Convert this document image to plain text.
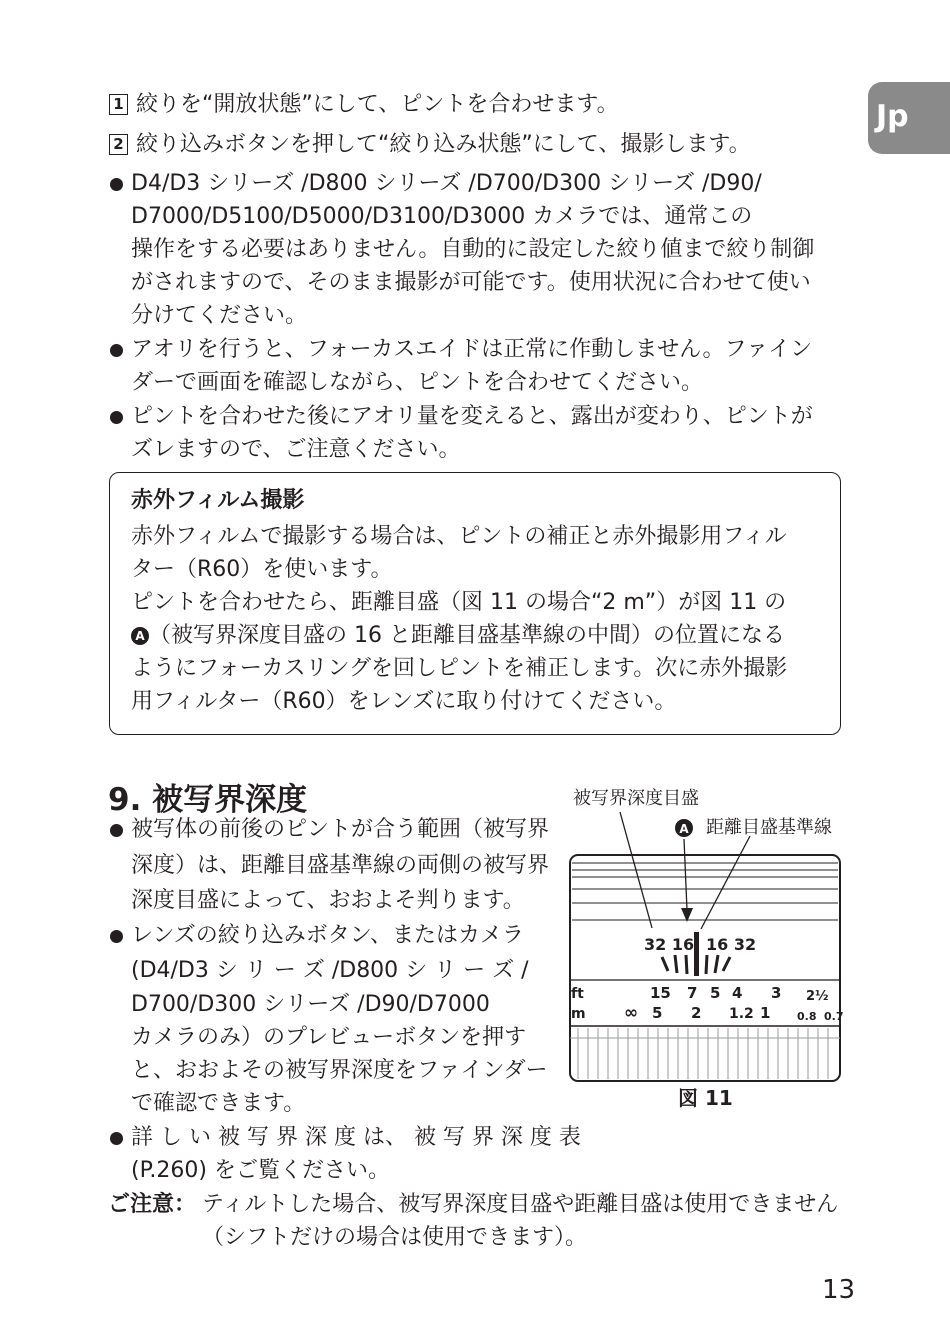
Jp
1 絞りを“開放状態”にして、ピントを合わせます。
2 絞り込みボタンを押して“絞り込み状態”にして、撮影します。
D4/D3 シリーズ /D800 シリーズ /D700/D300 シリーズ /D90/
D7000/D5100/D5000/D3100/D3000 カメラでは、通常この
操作をする必要はありません。自動的に設定した絞り値まで絞り制御
がされますので、そのまま撮影が可能です。使用状況に合わせて使い
分けてください。
アオリを行うと、フォーカスエイドは正常に作動しません。ファイン
ダーで画面を確認しながら、ピントを合わせてください。
ピントを合わせた後にアオリ量を変えると、露出が変わり、ピントが
ズレますので、ご注意ください。
赤外フィルム撮影
赤外フィルムで撮影する場合は、ピントの補正と赤外撮影用フィル
ター（R60）を使います。
ピントを合わせたら、距離目盛（図 11 の場合“2 m”）が図 11 の
A （被写界深度目盛の 16 と距離目盛基準線の中間）の位置になる
ようにフォーカスリングを回しピントを補正します。次に赤外撮影
用フィルター（R60）をレンズに取り付けてください。
9. 被写界深度
被写体の前後のピントが合う範囲（被写界
深度）は、距離目盛基準線の両側の被写界
深度目盛によって、おおよそ判ります。
レンズの絞り込みボタン、またはカメラ
(D4/D3 シ リ ー ズ /D800 シ リ ー ズ /
D700/D300 シリーズ /D90/D7000
カメラのみ）のプレビューボタンを押す
と、おおよその被写界深度をファインダー
で確認できます。
詳 し い 被 写 界 深 度 は、 被 写 界 深 度 表
(P.260) をご覧ください。
ご注意： ティルトした場合、被写界深度目盛や距離目盛は使用できません
（シフトだけの場合は使用できます）。
被写界深度目盛
A 距離目盛基準線
32 16 16 32
ft
m
15 7 5 4 3 2½
∞ 5 2 1.2 1 0.8 0.7
図 11
13
